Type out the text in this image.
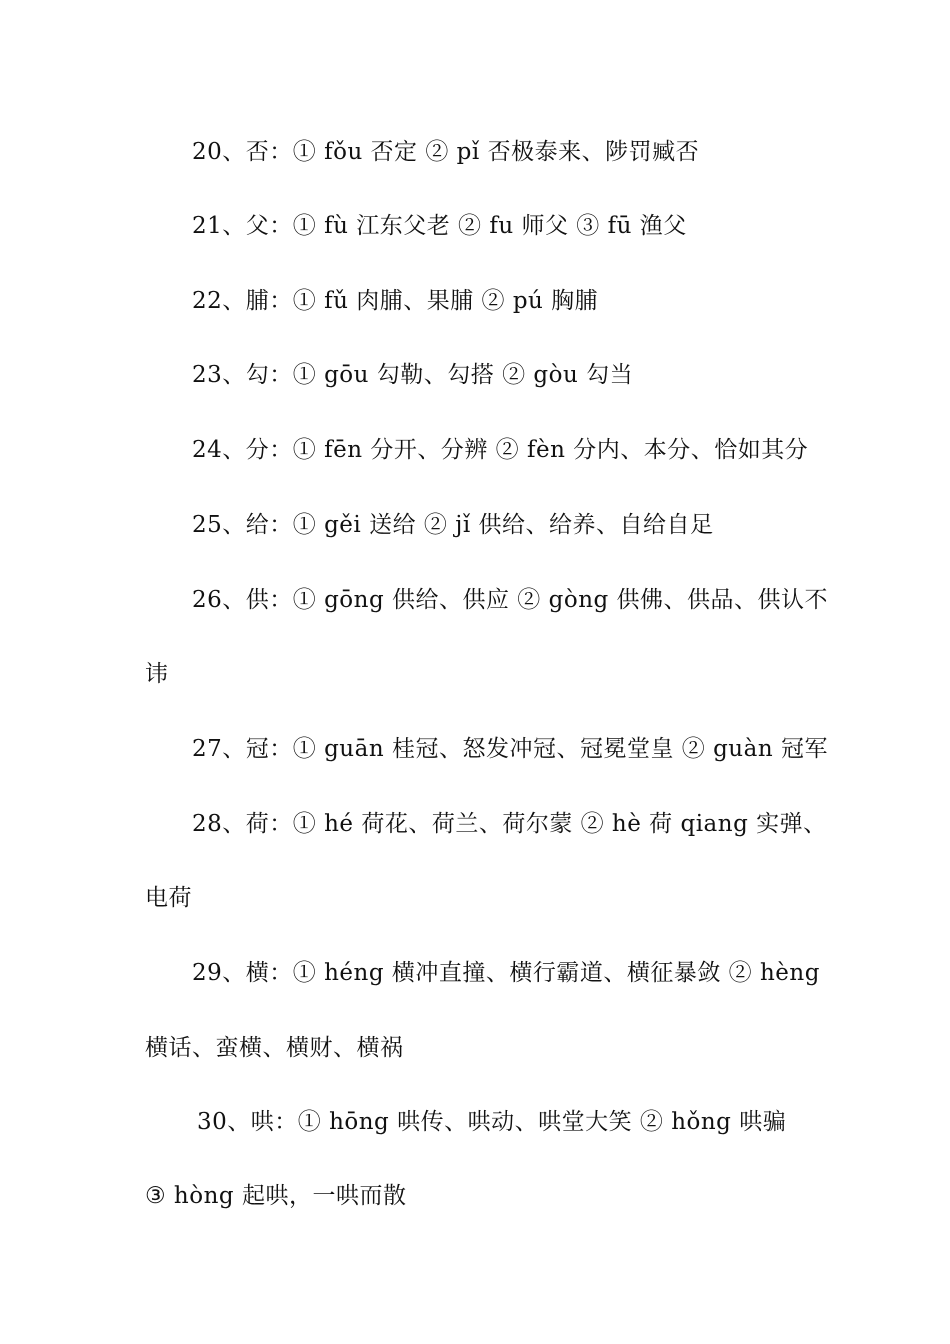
20、否：① fǒu 否定 ② pǐ 否极泰来、陟罚臧否
21、父：① fù 江东父老 ② fu 师父 ③ fū 渔父
22、脯：① fǔ 肉脯、果脯 ② pú 胸脯
23、勾：① gōu 勾勒、勾搭 ② gòu 勾当
24、分：① fēn 分开、分辨 ② fèn 分内、本分、恰如其分
25、给：① gěi 送给 ② jǐ 供给、给养、自给自足
26、供：① gōng 供给、供应 ② gòng 供佛、供品、供认不
讳
27、冠：① guān 桂冠、怒发冲冠、冠冕堂皇 ② guàn 冠军
28、荷：① hé 荷花、荷兰、荷尔蒙 ② hè 荷 qiang 实弹、
电荷
29、横：① héng 横冲直撞、横行霸道、横征暴敛 ② hèng
横话、蛮横、横财、横祸
30、哄：① hōng 哄传、哄动、哄堂大笑 ② hǒng 哄骗
③ hòng 起哄，一哄而散
